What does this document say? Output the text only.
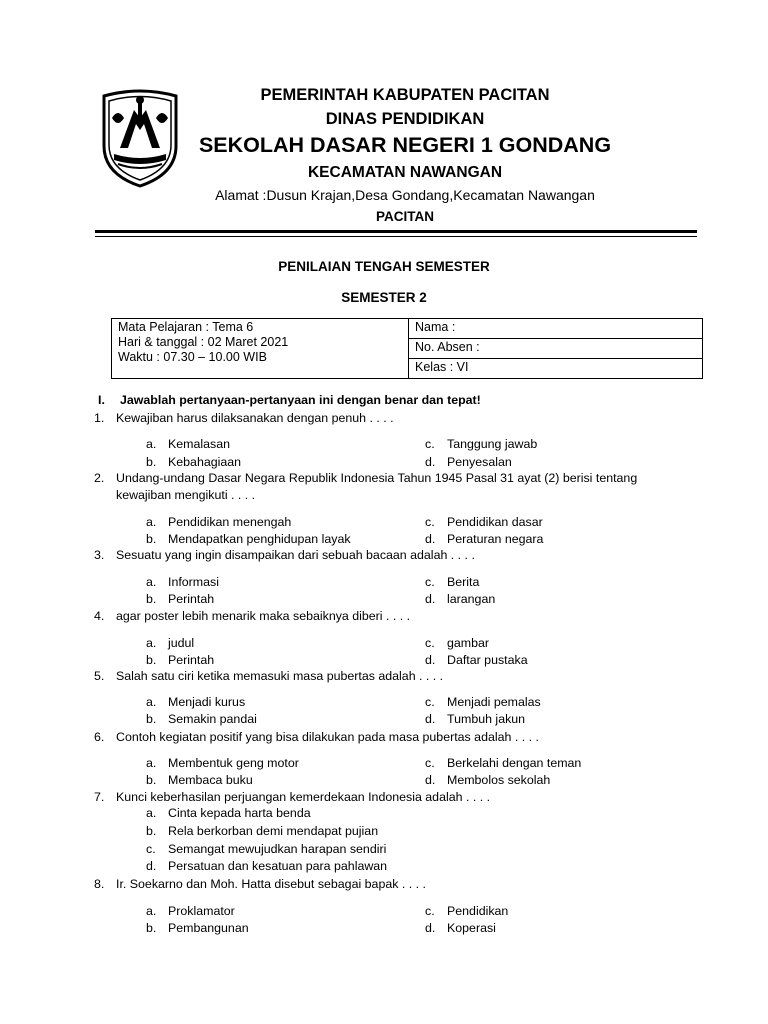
PEMERINTAH KABUPATEN PACITAN
DINAS PENDIDIKAN
SEKOLAH DASAR NEGERI 1 GONDANG
KECAMATAN NAWANGAN
Alamat :Dusun Krajan,Desa Gondang,Kecamatan Nawangan
PACITAN
PENILAIAN TENGAH SEMESTER
SEMESTER 2
Mata Pelajaran : Tema 6
Hari & tanggal : 02 Maret 2021
Waktu : 07.30 – 10.00 WIB
	Nama :
No. Absen :
Kelas : VI
I. Jawablah pertanyaan-pertanyaan ini dengan benar dan tepat!
1. Kewajiban harus dilaksanakan dengan penuh . . . .
a. Kemalasan	c. Tanggung jawab
b. Kebahagiaan	d. Penyesalan
2. Undang-undang Dasar Negara Republik Indonesia Tahun 1945 Pasal 31 ayat (2) berisi tentang
kewajiban mengikuti . . . .
a. Pendidikan menengah	c. Pendidikan dasar
b. Mendapatkan penghidupan layak	d. Peraturan negara
3. Sesuatu yang ingin disampaikan dari sebuah bacaan adalah . . . .
a. Informasi	c. Berita
b. Perintah	d. larangan
4. agar poster lebih menarik maka sebaiknya diberi . . . .
a. judul	c. gambar
b. Perintah	d. Daftar pustaka
5. Salah satu ciri ketika memasuki masa pubertas adalah . . . .
a. Menjadi kurus	c. Menjadi pemalas
b. Semakin pandai	d. Tumbuh jakun
6. Contoh kegiatan positif yang bisa dilakukan pada masa pubertas adalah . . . .
a. Membentuk geng motor	c. Berkelahi dengan teman
b. Membaca buku	d. Membolos sekolah
7. Kunci keberhasilan perjuangan kemerdekaan Indonesia adalah . . . .
a. Cinta kepada harta benda
b. Rela berkorban demi mendapat pujian
c. Semangat mewujudkan harapan sendiri
d. Persatuan dan kesatuan para pahlawan
8. Ir. Soekarno dan Moh. Hatta disebut sebagai bapak . . . .
a. Proklamator	c. Pendidikan
b. Pembangunan	d. Koperasi
